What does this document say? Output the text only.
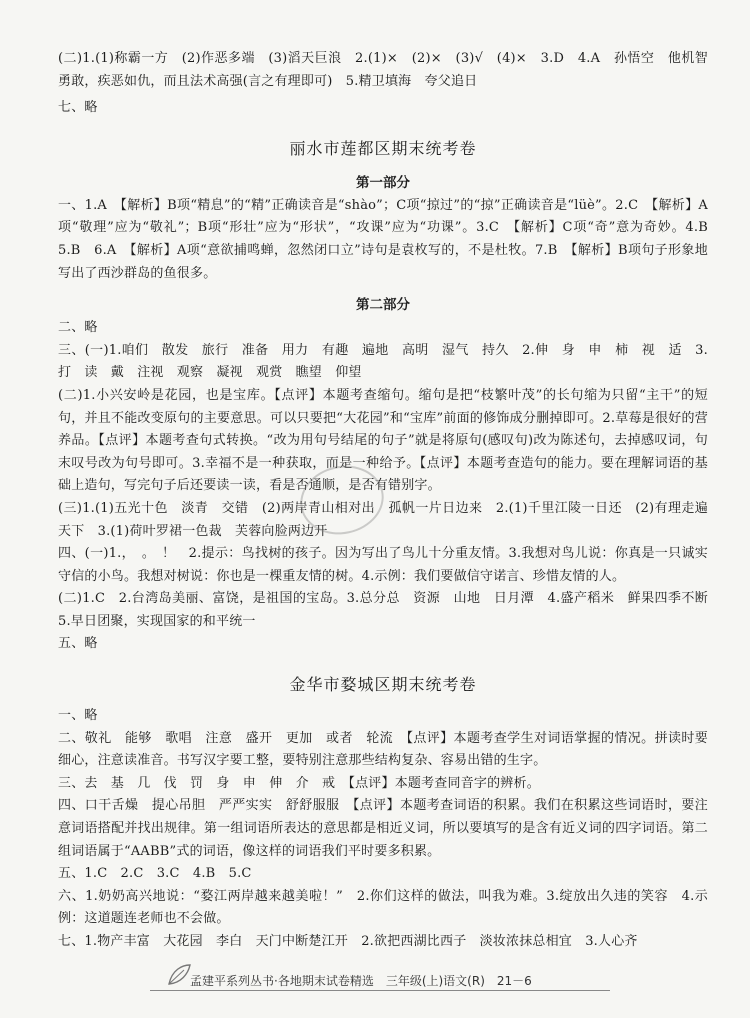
(二)1.(1)称霸一方　(2)作恶多端　(3)滔天巨浪　2.(1)×　(2)×　(3)√　(4)×　3.D　4.A　孙悟空　他机智勇敢，疾恶如仇，而且法术高强(言之有理即可)　5.精卫填海　夸父追日

七、略

丽水市莲都区期末统考卷

第一部分

一、1.A　【解析】B项“精息”的“精”正确读音是“shào”；C项“掠过”的“掠”正确读音是“lüè”。2.C　【解析】A项“敬理”应为“敬礼”；B项“形壮”应为“形状”，“攻课”应为“功课”。3.C　【解析】C项“奇”意为奇妙。4.B　5.B　6.A　【解析】A项“意欲捕鸣蝉，忽然闭口立”诗句是袁枚写的，不是杜牧。7.B　【解析】B项句子形象地写出了西沙群岛的鱼很多。

第二部分

二、略

三、(一)1.咱们　散发　旅行　准备　用力　有趣　遍地　高明　湿气　持久　2.伸　身　申　柿　视　适　3.打　读　戴　注视　观察　凝视　观赏　瞧望　仰望

(二)1.小兴安岭是花园，也是宝库。【点评】本题考查缩句。缩句是把“枝繁叶茂”的长句缩为只留“主干”的短句，并且不能改变原句的主要意思。可以只要把“大花园”和“宝库”前面的修饰成分删掉即可。2.草莓是很好的营养品。【点评】本题考查句式转换。“改为用句号结尾的句子”就是将原句(感叹句)改为陈述句，去掉感叹词，句末叹号改为句号即可。3.幸福不是一种获取，而是一种给予。【点评】本题考查造句的能力。要在理解词语的基础上造句，写完句子后还要读一读，看是否通顺，是否有错别字。

(三)1.(1)五光十色　淡青　交错　(2)两岸青山相对出　孤帆一片日边来　2.(1)千里江陵一日还　(2)有理走遍天下　3.(1)荷叶罗裙一色裁　芙蓉向脸两边开

四、(一)1.，　。　！　2.提示：鸟找树的孩子。因为写出了鸟儿十分重友情。3.我想对鸟儿说：你真是一只诚实守信的小鸟。我想对树说：你也是一棵重友情的树。4.示例：我们要做信守诺言、珍惜友情的人。

(二)1.C　2.台湾岛美丽、富饶，是祖国的宝岛。3.总分总　资源　山地　日月潭　4.盛产稻米　鲜果四季不断　5.早日团聚，实现国家的和平统一

五、略

金华市婺城区期末统考卷

一、略

二、敬礼　能够　歌唱　注意　盛开　更加　或者　轮流　【点评】本题考查学生对词语掌握的情况。拼读时要细心，注意读准音。书写汉字要工整，要特别注意那些结构复杂、容易出错的生字。

三、去　基　几　伐　罚　身　申　伸　介　戒　【点评】本题考查同音字的辨析。

四、口干舌燥　提心吊胆　严严实实　舒舒服服　【点评】本题考查词语的积累。我们在积累这些词语时，要注意词语搭配并找出规律。第一组词语所表达的意思都是相近义词，所以要填写的是含有近义词的四字词语。第二组词语属于“AABB”式的词语，像这样的词语我们平时要多积累。

五、1.C　2.C　3.C　4.B　5.C

六、1.奶奶高兴地说：“婺江两岸越来越美啦！”　2.你们这样的做法，叫我为难。3.绽放出久违的笑容　4.示例：这道题连老师也不会做。

七、1.物产丰富　大花园　李白　天门中断楚江开　2.欲把西湖比西子　淡妆浓抹总相宜　3.人心齐

孟建平系列丛书·各地期末试卷精选　三年级(上)语文(R)　21－6
